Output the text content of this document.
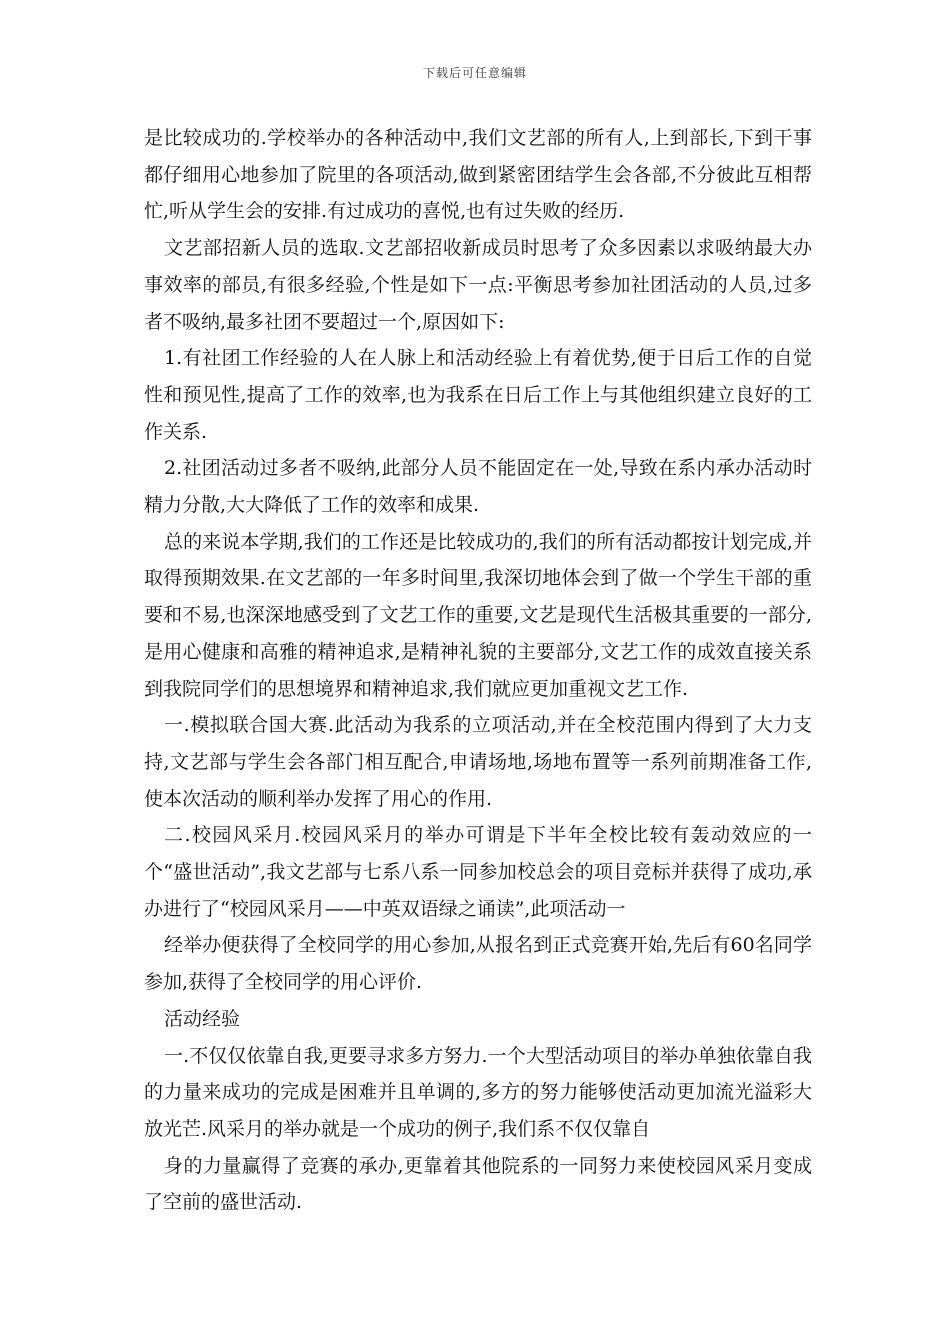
下载后可任意编辑

是比较成功的.学校举办的各种活动中,我们文艺部的所有人,上到部长,下到干事都仔细用心地参加了院里的各项活动,做到紧密团结学生会各部,不分彼此互相帮忙,听从学生会的安排.有过成功的喜悦,也有过失败的经历.

文艺部招新人员的选取.文艺部招收新成员时思考了众多因素以求吸纳最大办事效率的部员,有很多经验,个性是如下一点:平衡思考参加社团活动的人员,过多者不吸纳,最多社团不要超过一个,原因如下:

1.有社团工作经验的人在人脉上和活动经验上有着优势,便于日后工作的自觉性和预见性,提高了工作的效率,也为我系在日后工作上与其他组织建立良好的工作关系.

2.社团活动过多者不吸纳,此部分人员不能固定在一处,导致在系内承办活动时精力分散,大大降低了工作的效率和成果.

总的来说本学期,我们的工作还是比较成功的,我们的所有活动都按计划完成,并取得预期效果.在文艺部的一年多时间里,我深切地体会到了做一个学生干部的重要和不易,也深深地感受到了文艺工作的重要,文艺是现代生活极其重要的一部分,是用心健康和高雅的精神追求,是精神礼貌的主要部分,文艺工作的成效直接关系到我院同学们的思想境界和精神追求,我们就应更加重视文艺工作.

一.模拟联合国大赛.此活动为我系的立项活动,并在全校范围内得到了大力支持,文艺部与学生会各部门相互配合,申请场地,场地布置等一系列前期准备工作,使本次活动的顺利举办发挥了用心的作用.

二.校园风采月.校园风采月的举办可谓是下半年全校比较有轰动效应的一个“盛世活动”,我文艺部与七系八系一同参加校总会的项目竞标并获得了成功,承办进行了“校园风采月——中英双语绿之诵读”,此项活动一

经举办便获得了全校同学的用心参加,从报名到正式竞赛开始,先后有60名同学参加,获得了全校同学的用心评价.

活动经验

一.不仅仅依靠自我,更要寻求多方努力.一个大型活动项目的举办单独依靠自我的力量来成功的完成是困难并且单调的,多方的努力能够使活动更加流光溢彩大放光芒.风采月的举办就是一个成功的例子,我们系不仅仅靠自

身的力量赢得了竞赛的承办,更靠着其他院系的一同努力来使校园风采月变成了空前的盛世活动.
